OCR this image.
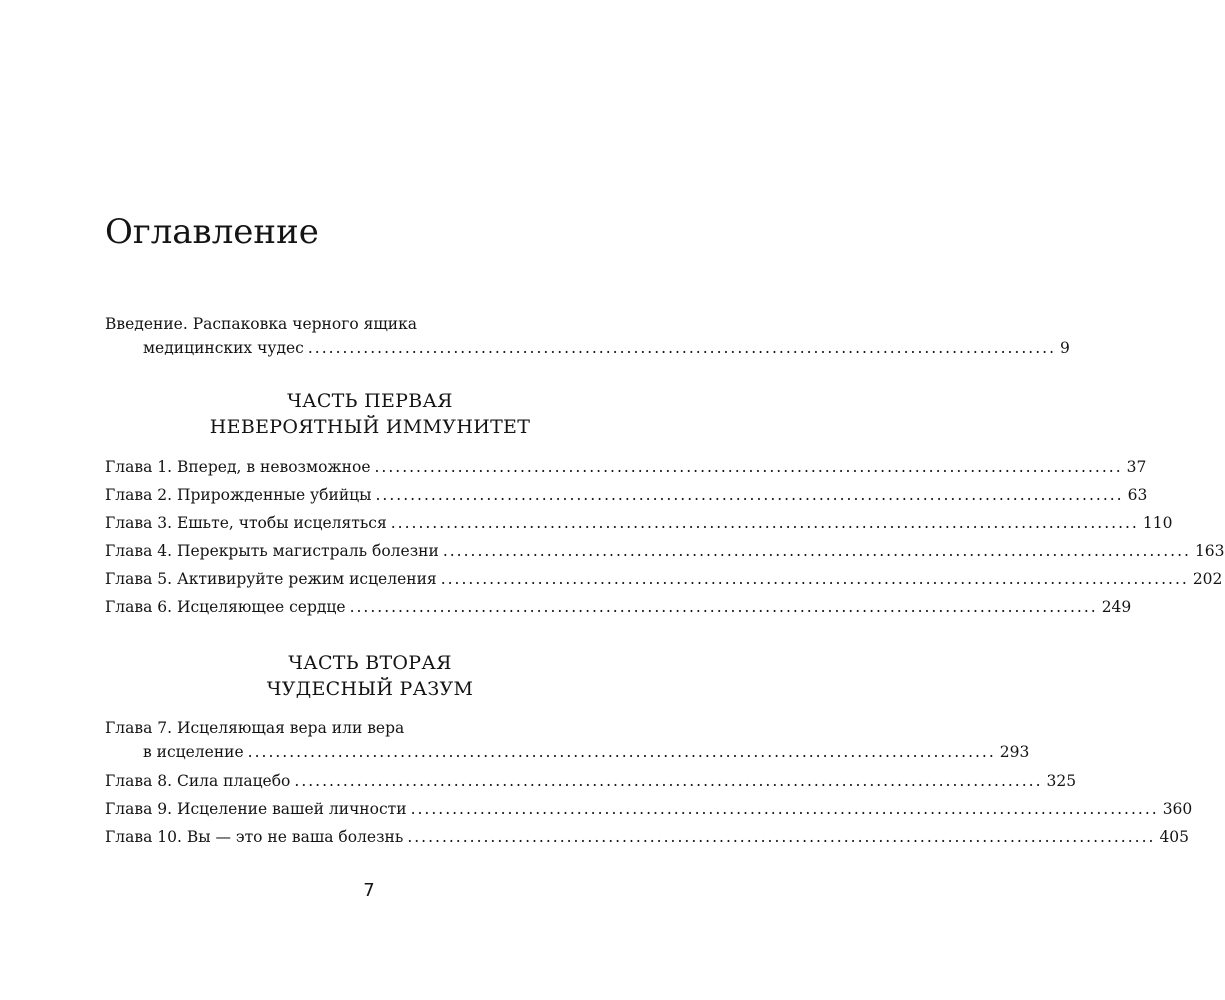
Оглавление
Введение. Распаковка черного ящика
медицинских чудес ............................................................................................................ 9
ЧАСТЬ ПЕРВАЯ
НЕВЕРОЯТНЫЙ ИММУНИТЕТ
Глава 1. Вперед, в невозможное ............................................................................................................ 37
Глава 2. Прирожденные убийцы ............................................................................................................ 63
Глава 3. Ешьте, чтобы исцеляться ............................................................................................................ 110
Глава 4. Перекрыть магистраль болезни ............................................................................................................ 163
Глава 5. Активируйте режим исцеления ............................................................................................................ 202
Глава 6. Исцеляющее сердце ............................................................................................................ 249
ЧАСТЬ ВТОРАЯ
ЧУДЕСНЫЙ РАЗУМ
Глава 7. Исцеляющая вера или вера
в исцеление ............................................................................................................ 293
Глава 8. Сила плацебо ............................................................................................................ 325
Глава 9. Исцеление вашей личности ............................................................................................................ 360
Глава 10. Вы — это не ваша болезнь ............................................................................................................ 405
7
